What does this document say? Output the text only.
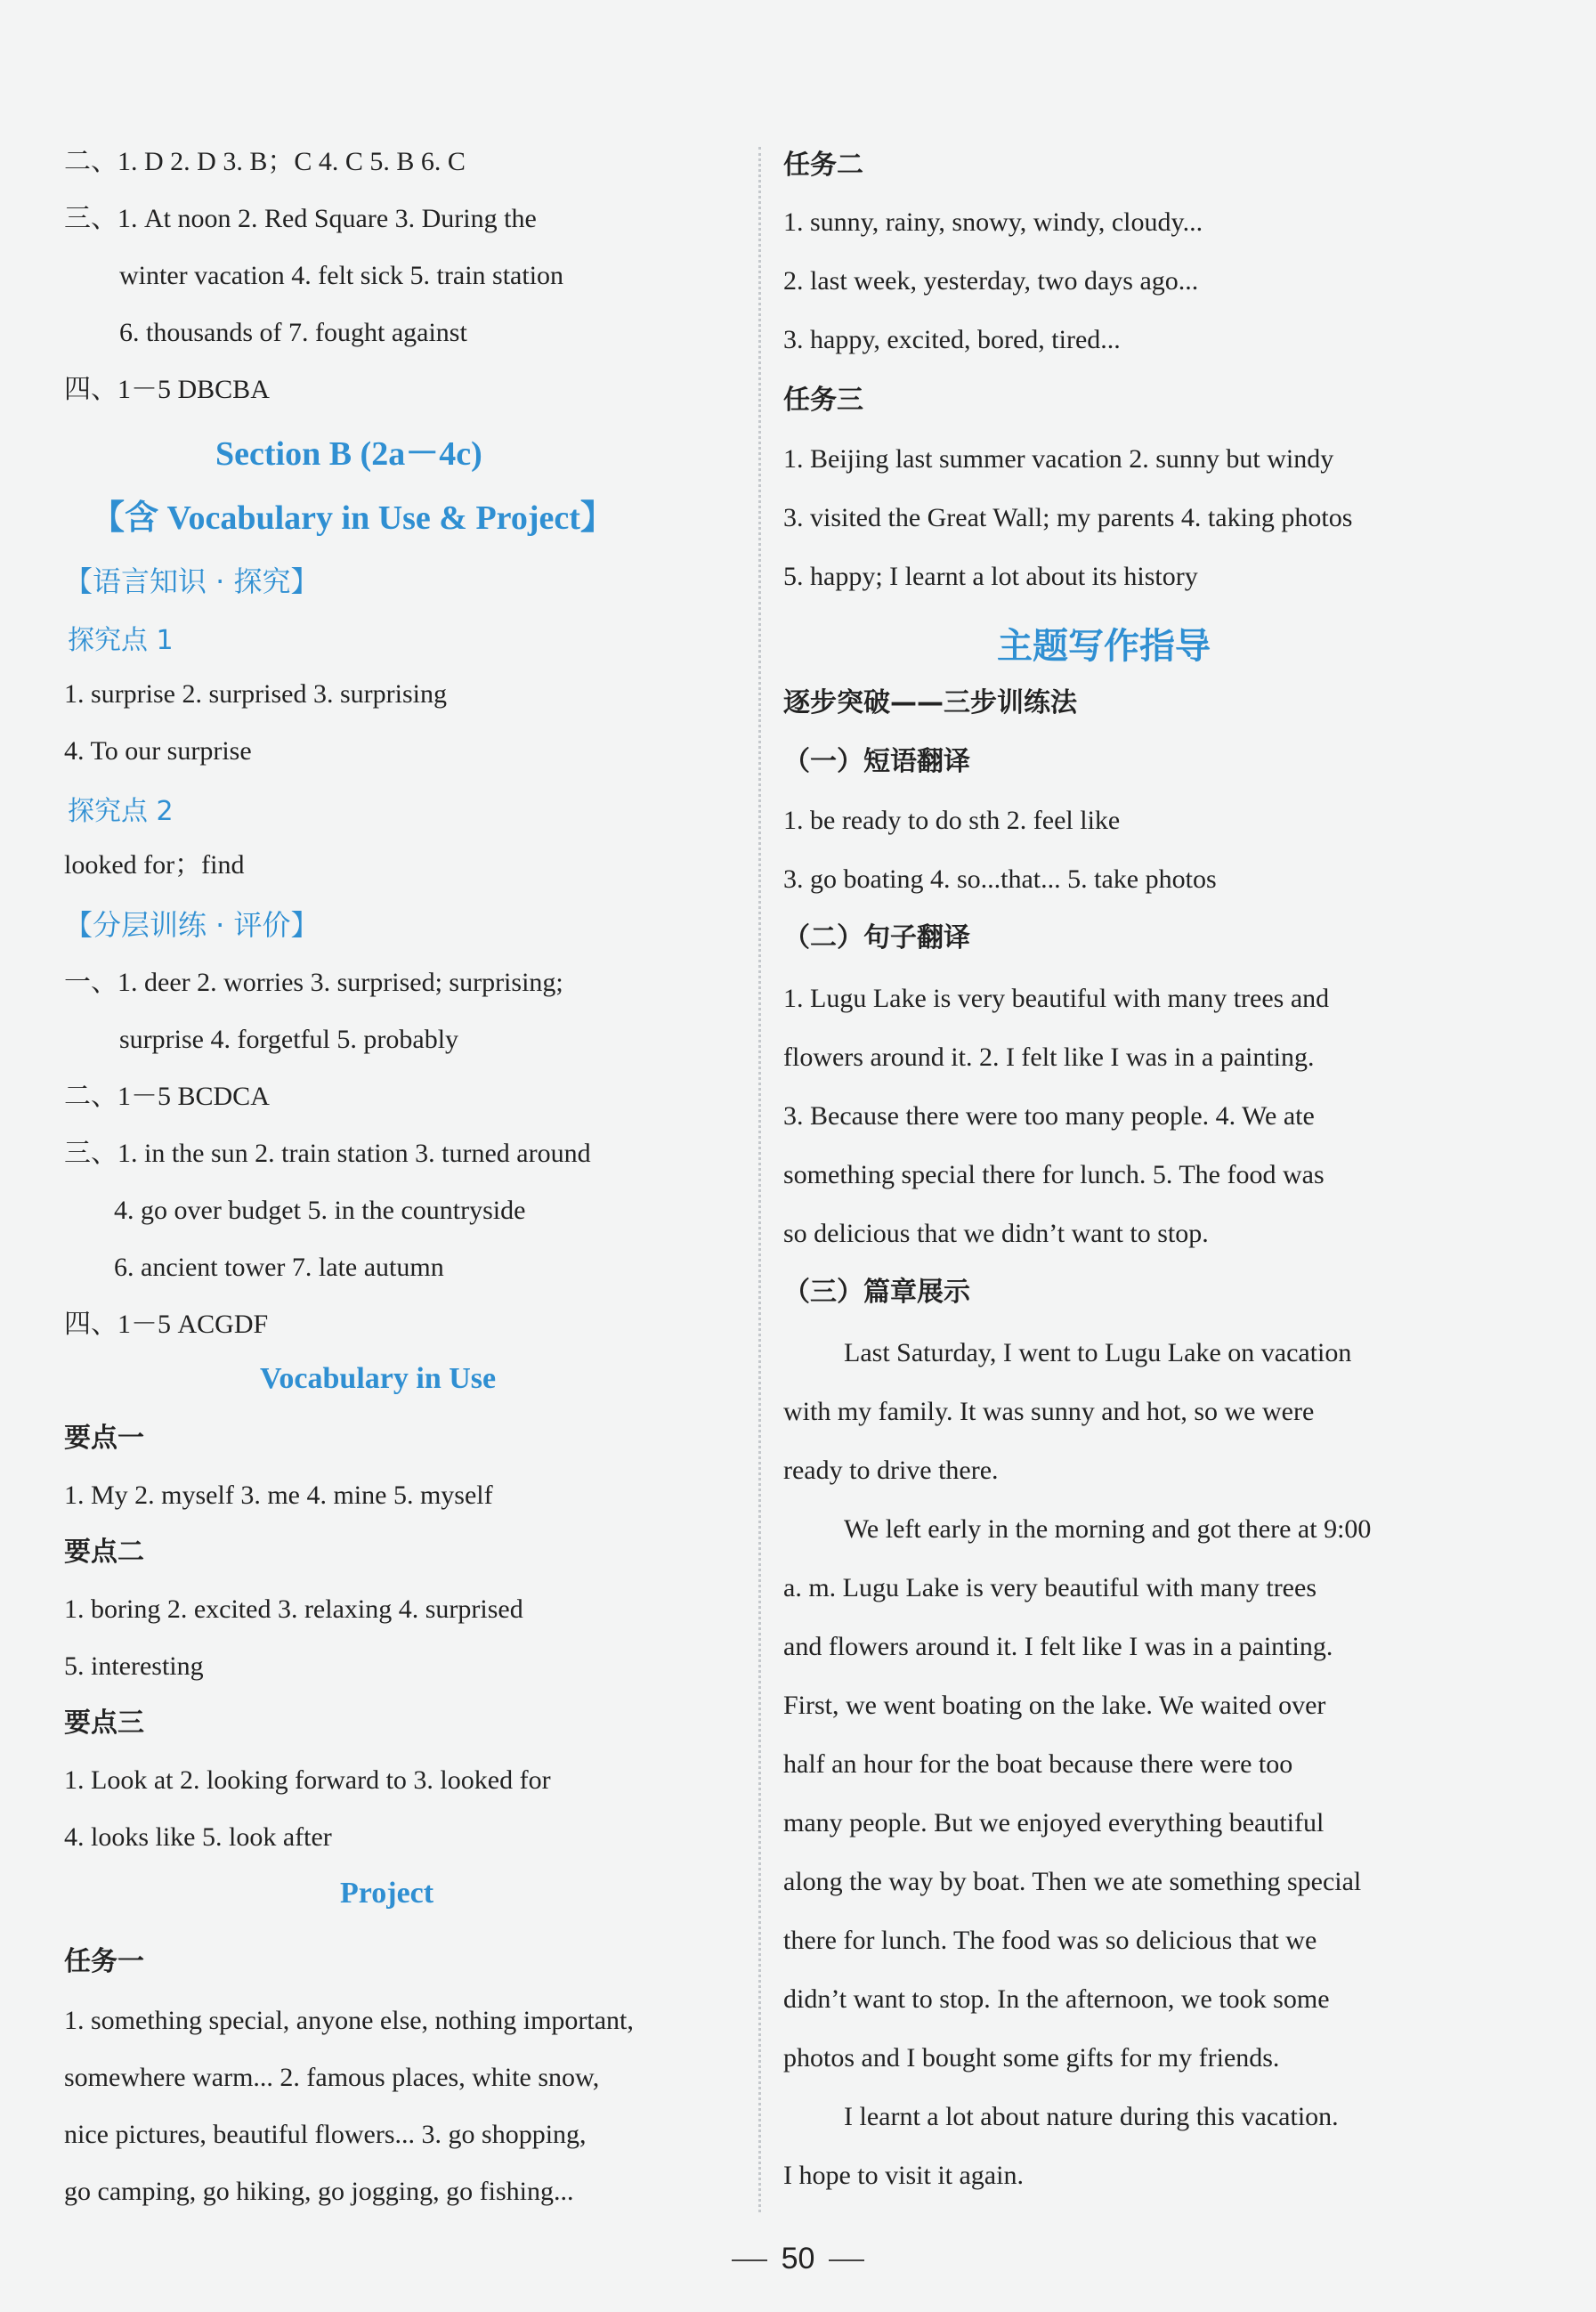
二、1. D 2. D 3. B；C 4. C 5. B 6. C
三、1. At noon 2. Red Square 3. During the
winter vacation 4. felt sick 5. train station
6. thousands of 7. fought against
四、1－5 DBCBA
Section B (2a－4c)
【含 Vocabulary in Use & Project】
【语言知识 · 探究】
探究点 1
1. surprise 2. surprised 3. surprising
4. To our surprise
探究点 2
looked for；find
【分层训练 · 评价】
一、1. deer 2. worries 3. surprised; surprising;
surprise 4. forgetful 5. probably
二、1－5 BCDCA
三、1. in the sun 2. train station 3. turned around
4. go over budget 5. in the countryside
6. ancient tower 7. late autumn
四、1－5 ACGDF
Vocabulary in Use
要点一
1. My 2. myself 3. me 4. mine 5. myself
要点二
1. boring 2. excited 3. relaxing 4. surprised
5. interesting
要点三
1. Look at 2. looking forward to 3. looked for
4. looks like 5. look after
Project
任务一
1. something special, anyone else, nothing important,
somewhere warm... 2. famous places, white snow,
nice pictures, beautiful flowers... 3. go shopping,
go camping, go hiking, go jogging, go fishing...
任务二
1. sunny, rainy, snowy, windy, cloudy...
2. last week, yesterday, two days ago...
3. happy, excited, bored, tired...
任务三
1. Beijing last summer vacation 2. sunny but windy
3. visited the Great Wall; my parents 4. taking photos
5. happy; I learnt a lot about its history
主题写作指导
逐步突破——三步训练法
（一）短语翻译
1. be ready to do sth 2. feel like
3. go boating 4. so...that... 5. take photos
（二）句子翻译
1. Lugu Lake is very beautiful with many trees and
flowers around it. 2. I felt like I was in a painting.
3. Because there were too many people. 4. We ate
something special there for lunch. 5. The food was
so delicious that we didn’t want to stop.
（三）篇章展示
Last Saturday, I went to Lugu Lake on vacation
with my family. It was sunny and hot, so we were
ready to drive there.
We left early in the morning and got there at 9:00
a. m. Lugu Lake is very beautiful with many trees
and flowers around it. I felt like I was in a painting.
First, we went boating on the lake. We waited over
half an hour for the boat because there were too
many people. But we enjoyed everything beautiful
along the way by boat. Then we ate something special
there for lunch. The food was so delicious that we
didn’t want to stop. In the afternoon, we took some
photos and I bought some gifts for my friends.
I learnt a lot about nature during this vacation.
I hope to visit it again.
50
